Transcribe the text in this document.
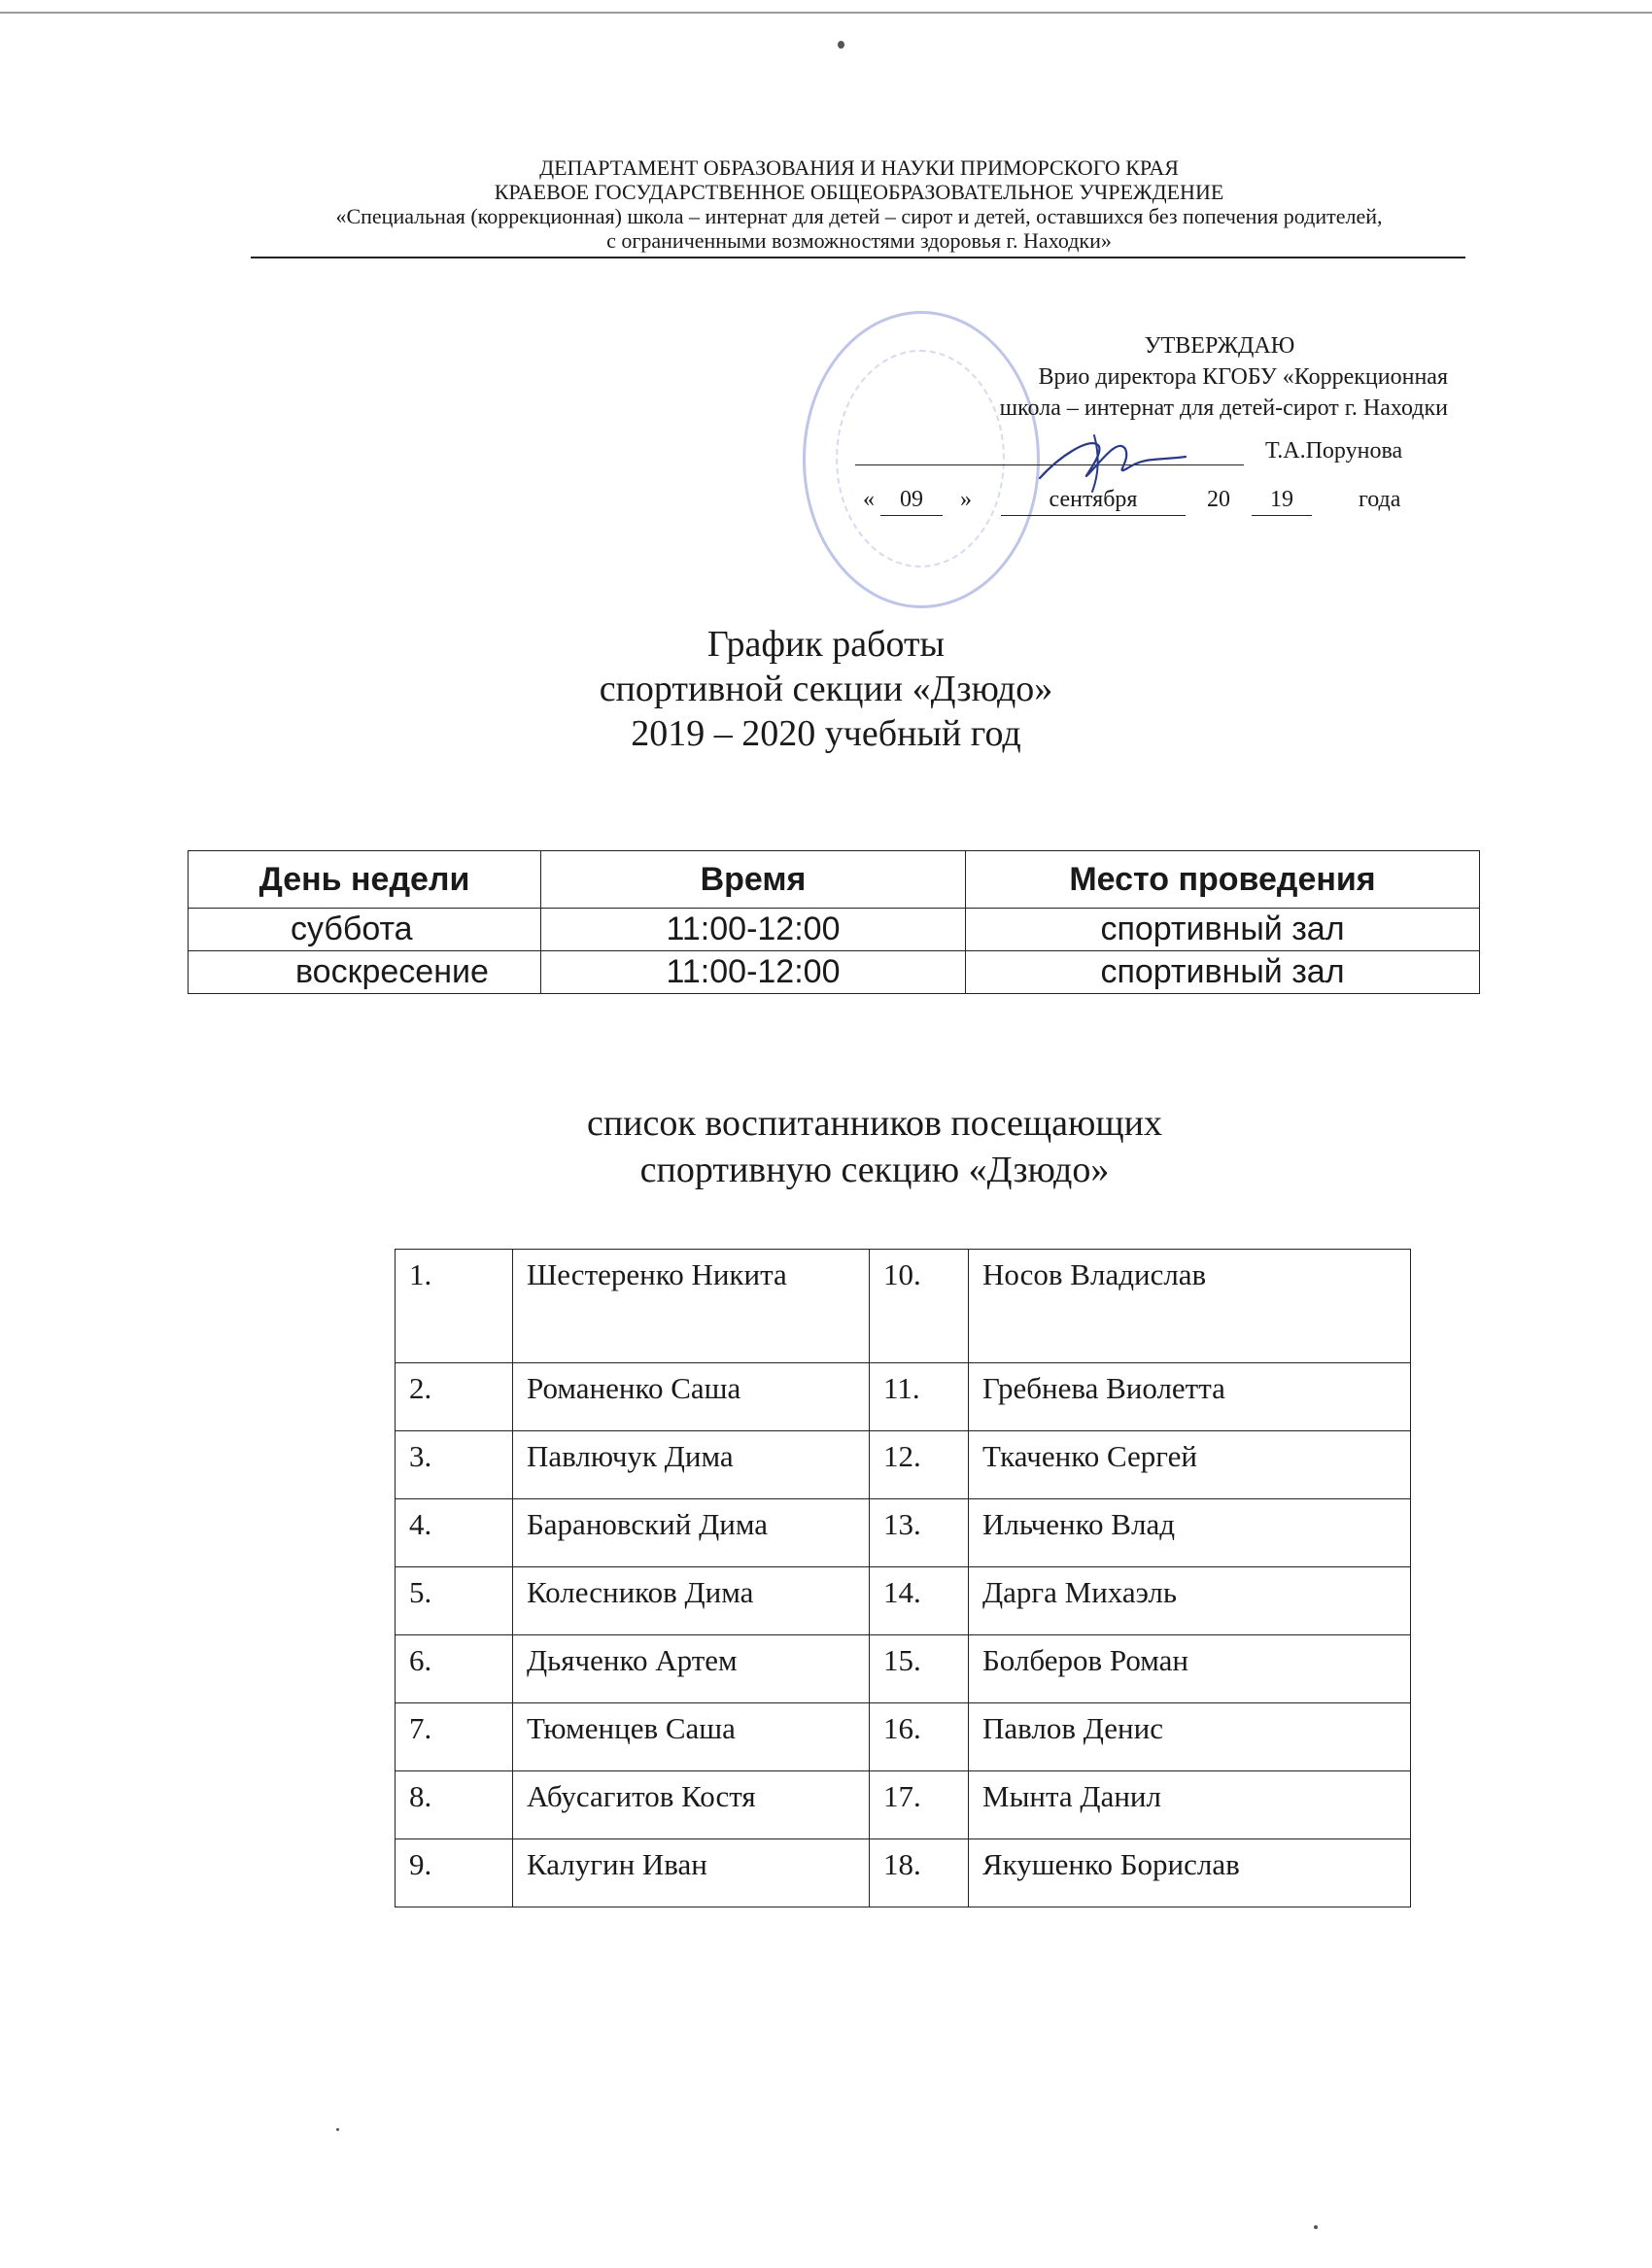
ДЕПАРТАМЕНТ ОБРАЗОВАНИЯ И НАУКИ ПРИМОРСКОГО КРАЯ
КРАЕВОЕ ГОСУДАРСТВЕННОЕ ОБЩЕОБРАЗОВАТЕЛЬНОЕ УЧРЕЖДЕНИЕ
«Специальная (коррекционная) школа – интернат для детей – сирот и детей, оставшихся без попечения родителей,
с ограниченными возможностями здоровья г. Находки»
УТВЕРЖДАЮ
Врио директора КГОБУ «Коррекционная
школа – интернат для детей-сирот г. Находки
Т.А.Порунова
«	09	»	сентября	20	19	года
График работы
спортивной секции «Дзюдо»
2019 – 2020 учебный год
День недели	Время	Место проведения
суббота	11:00-12:00	спортивный зал
воскресение	11:00-12:00	спортивный зал
список воспитанников посещающих
спортивную секцию «Дзюдо»
1.	Шестеренко Никита	10.	Носов Владислав
2.	Романенко Саша	11.	Гребнева Виолетта
3.	Павлючук Дима	12.	Ткаченко Сергей
4.	Барановский Дима	13.	Ильченко Влад
5.	Колесников Дима	14.	Дарга Михаэль
6.	Дьяченко Артем	15.	Болберов Роман
7.	Тюменцев Саша	16.	Павлов Денис
8.	Абусагитов Костя	17.	Мынта Данил
9.	Калугин Иван	18.	Якушенко Борислав
